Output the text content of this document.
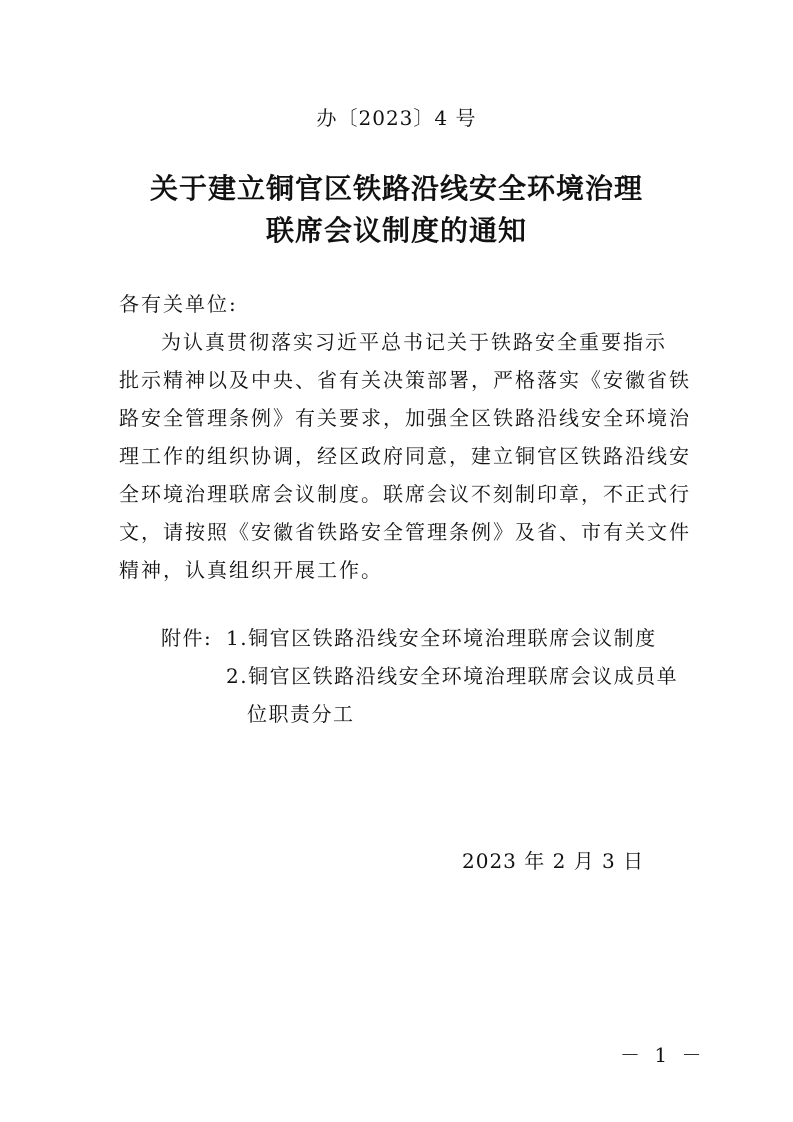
办〔2023〕4 号
关于建立铜官区铁路沿线安全环境治理
联席会议制度的通知
各有关单位:
为认真贯彻落实习近平总书记关于铁路安全重要指示
批示精神以及中央、省有关决策部署，严格落实《安徽省铁
路安全管理条例》有关要求，加强全区铁路沿线安全环境治
理工作的组织协调，经区政府同意，建立铜官区铁路沿线安
全环境治理联席会议制度。联席会议不刻制印章，不正式行
文，请按照《安徽省铁路安全管理条例》及省、市有关文件
精神，认真组织开展工作。
附件: 1.铜官区铁路沿线安全环境治理联席会议制度
2.铜官区铁路沿线安全环境治理联席会议成员单
位职责分工
2023 年 2 月 3 日
－ 1 －
